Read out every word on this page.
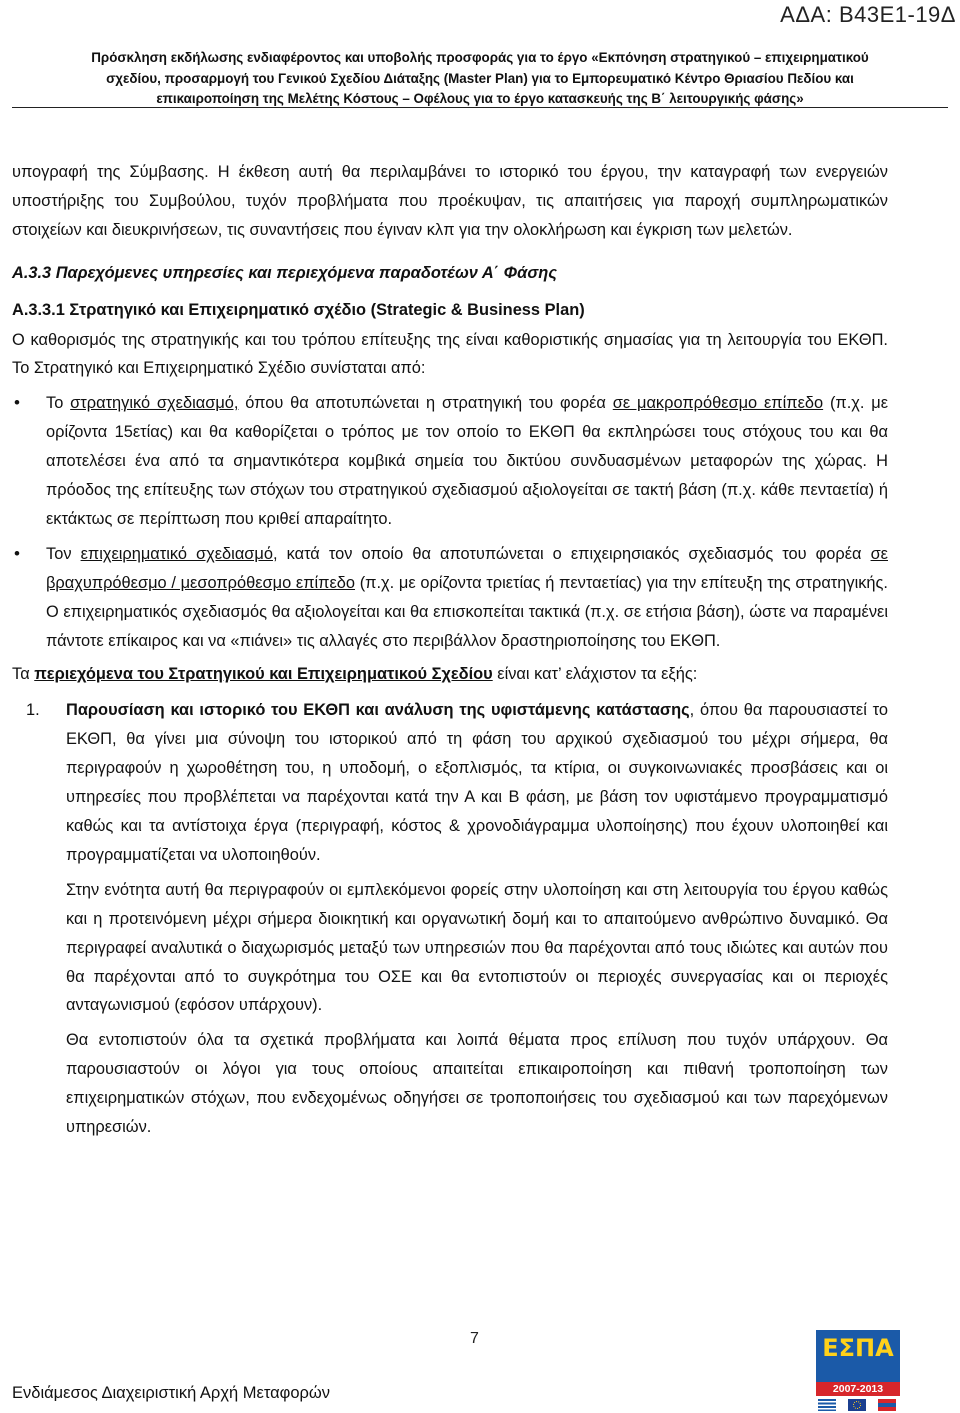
ΑΔΑ: Β43Ε1-19Δ
Πρόσκληση εκδήλωσης ενδιαφέροντος και υποβολής προσφοράς για το έργο «Εκπόνηση στρατηγικού – επιχειρηματικού
σχεδίου, προσαρμογή του Γενικού Σχεδίου Διάταξης (Master Plan) για το Εμπορευματικό Κέντρο Θριασίου Πεδίου και
επικαιροποίηση της Μελέτης Κόστους – Οφέλους για το έργο κατασκευής της Β΄ λειτουργικής φάσης»

υπογραφή της Σύμβασης. Η έκθεση αυτή θα περιλαμβάνει το ιστορικό του έργου, την καταγραφή των ενεργειών υποστήριξης του Συμβούλου, τυχόν προβλήματα που προέκυψαν, τις απαιτήσεις για παροχή συμπληρωματικών στοιχείων και διευκρινήσεων, τις συναντήσεις που έγιναν κλπ για την ολοκλήρωση και έγκριση των μελετών.

Α.3.3 Παρεχόμενες υπηρεσίες και περιεχόμενα παραδοτέων Α΄ Φάσης

Α.3.3.1 Στρατηγικό και Επιχειρηματικό σχέδιο (Strategic & Business Plan)

Ο καθορισμός της στρατηγικής και του τρόπου επίτευξης της είναι καθοριστικής σημασίας για τη λειτουργία του ΕΚΘΠ. Το Στρατηγικό και Επιχειρηματικό Σχέδιο συνίσταται από:

• Το στρατηγικό σχεδιασμό, όπου θα αποτυπώνεται η στρατηγική του φορέα σε μακροπρόθεσμο επίπεδο (π.χ. με ορίζοντα 15ετίας) και θα καθορίζεται ο τρόπος με τον οποίο το ΕΚΘΠ θα εκπληρώσει τους στόχους του και θα αποτελέσει ένα από τα σημαντικότερα κομβικά σημεία του δικτύου συνδυασμένων μεταφορών της χώρας. Η πρόοδος της επίτευξης των στόχων του στρατηγικού σχεδιασμού αξιολογείται σε τακτή βάση (π.χ. κάθε πενταετία) ή εκτάκτως σε περίπτωση που κριθεί απαραίτητο.
• Τον επιχειρηματικό σχεδιασμό, κατά τον οποίο θα αποτυπώνεται ο επιχειρησιακός σχεδιασμός του φορέα σε βραχυπρόθεσμο / μεσοπρόθεσμο επίπεδο (π.χ. με ορίζοντα τριετίας ή πενταετίας) για την επίτευξη της στρατηγικής. Ο επιχειρηματικός σχεδιασμός θα αξιολογείται και θα επισκοπείται τακτικά (π.χ. σε ετήσια βάση), ώστε να παραμένει πάντοτε επίκαιρος και να «πιάνει» τις αλλαγές στο περιβάλλον δραστηριοποίησης του ΕΚΘΠ.

Τα περιεχόμενα του Στρατηγικού και Επιχειρηματικού Σχεδίου είναι κατ’ ελάχιστον τα εξής:

1. Παρουσίαση και ιστορικό του ΕΚΘΠ και ανάλυση της υφιστάμενης κατάστασης, όπου θα παρουσιαστεί το ΕΚΘΠ, θα γίνει μια σύνοψη του ιστορικού από τη φάση του αρχικού σχεδιασμού του μέχρι σήμερα, θα περιγραφούν η χωροθέτηση του, η υποδομή, ο εξοπλισμός, τα κτίρια, οι συγκοινωνιακές προσβάσεις και οι υπηρεσίες που προβλέπεται να παρέχονται κατά την Α και Β φάση, με βάση τον υφιστάμενο προγραμματισμό καθώς και τα αντίστοιχα έργα (περιγραφή, κόστος & χρονοδιάγραμμα υλοποίησης) που έχουν υλοποιηθεί και προγραμματίζεται να υλοποιηθούν.

Στην ενότητα αυτή θα περιγραφούν οι εμπλεκόμενοι φορείς στην υλοποίηση και στη λειτουργία του έργου καθώς και η προτεινόμενη μέχρι σήμερα διοικητική και οργανωτική δομή και το απαιτούμενο ανθρώπινο δυναμικό. Θα περιγραφεί αναλυτικά ο διαχωρισμός μεταξύ των υπηρεσιών που θα παρέχονται από τους ιδιώτες και αυτών που θα παρέχονται από το συγκρότημα του ΟΣΕ και θα εντοπιστούν οι περιοχές συνεργασίας και οι περιοχές ανταγωνισμού (εφόσον υπάρχουν).

Θα εντοπιστούν όλα τα σχετικά προβλήματα και λοιπά θέματα προς επίλυση που τυχόν υπάρχουν. Θα παρουσιαστούν οι λόγοι για τους οποίους απαιτείται επικαιροποίηση και πιθανή τροποποίηση των επιχειρηματικών στόχων, που ενδεχομένως οδηγήσει σε τροποποιήσεις του σχεδιασμού και των παρεχόμενων υπηρεσιών.

7
Ενδιάμεσος Διαχειριστική Αρχή Μεταφορών
ΕΣΠΑ
2007-2013
